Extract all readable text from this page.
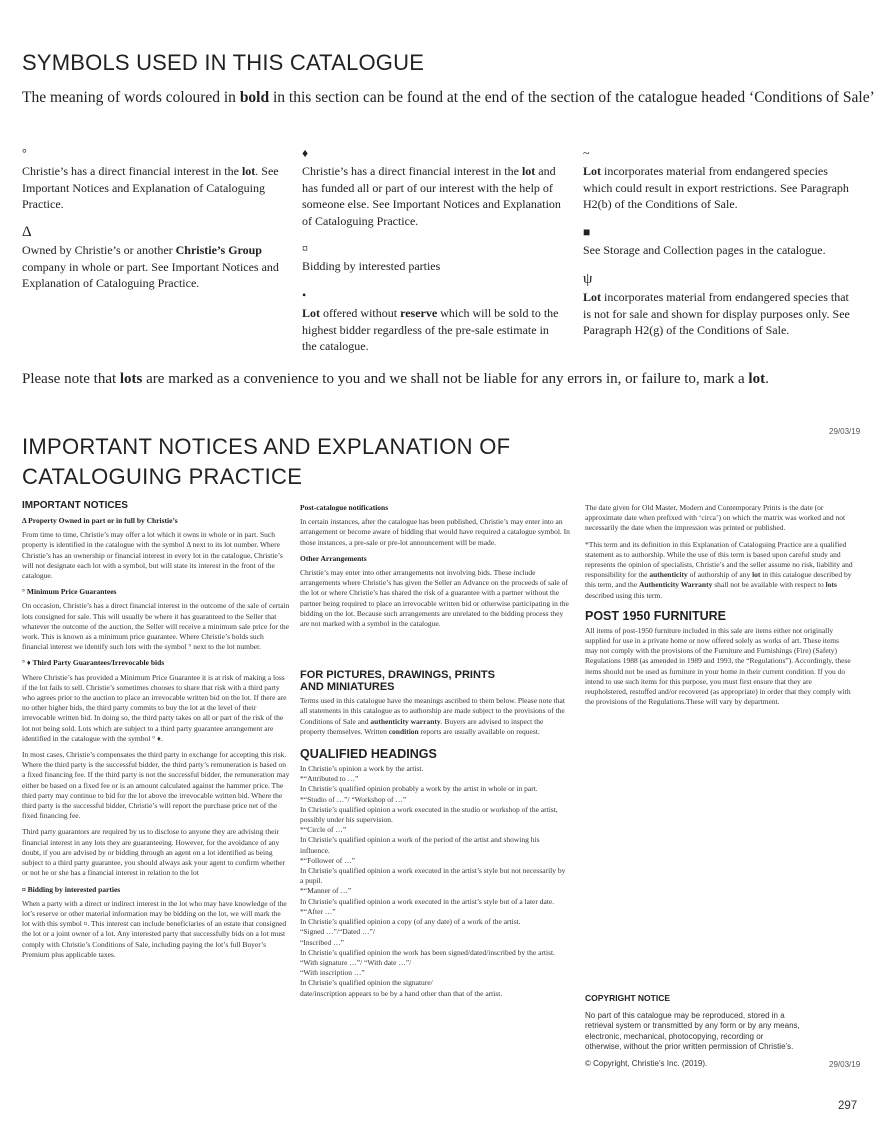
SYMBOLS USED IN THIS CATALOGUE
The meaning of words coloured in bold in this section can be found at the end of the section of the catalogue headed ‘Conditions of Sale’
°
Christie’s has a direct financial interest in the lot. See Important Notices and Explanation of Cataloguing Practice.
♦
Christie’s has a direct financial interest in the lot and has funded all or part of our interest with the help of someone else. See Important Notices and Explanation of Cataloguing Practice.
~
Lot incorporates material from endangered species which could result in export restrictions. See Paragraph H2(b) of the Conditions of Sale.
Δ
Owned by Christie’s or another Christie’s Group company in whole or part. See Important Notices and Explanation of Cataloguing Practice.
¤
Bidding by interested parties
■
See Storage and Collection pages in the catalogue.
•
Lot offered without reserve which will be sold to the highest bidder regardless of the pre-sale estimate in the catalogue.
ψ
Lot incorporates material from endangered species that is not for sale and shown for display purposes only. See Paragraph H2(g) of the Conditions of Sale.
Please note that lots are marked as a convenience to you and we shall not be liable for any errors in, or failure to, mark a lot.
29/03/19
IMPORTANT NOTICES AND EXPLANATION OF
CATALOGUING PRACTICE
IMPORTANT NOTICES
Δ Property Owned in part or in full by Christie’s

From time to time, Christie’s may offer a lot which it owns in whole or in part. Such property is identified in the catalogue with the symbol Δ next to its lot number. Where Christie’s has an ownership or financial interest in every lot in the catalogue, Christie’s will not designate each lot with a symbol, but will state its interest in the front of the catalogue.

° Minimum Price Guarantees

On occasion, Christie’s has a direct financial interest in the outcome of the sale of certain lots consigned for sale. This will usually be where it has guaranteed to the Seller that whatever the outcome of the auction, the Seller will receive a minimum sale price for the work. This is known as a minimum price guarantee. Where Christie’s holds such financial interest we identify such lots with the symbol ° next to the lot number.

° ♦ Third Party Guarantees/Irrevocable bids

Where Christie’s has provided a Minimum Price Guarantee it is at risk of making a loss if the lot fails to sell. Christie’s sometimes chooses to share that risk with a third party who agrees prior to the auction to place an irrevocable written bid on the lot. If there are no other higher bids, the third party commits to buy the lot at the level of their irrevocable written bid. In doing so, the third party takes on all or part of the risk of the lot not being sold. Lots which are subject to a third party guarantee arrangement are identified in the catalogue with the symbol ° ♦.

In most cases, Christie’s compensates the third party in exchange for accepting this risk. Where the third party is the successful bidder, the third party’s remuneration is based on a fixed financing fee. If the third party is not the successful bidder, the remuneration may either be based on a fixed fee or is an amount calculated against the hammer price. The third party may continue to bid for the lot above the irrevocable written bid. Where the third party is the successful bidder, Christie’s will report the purchase price net of the fixed financing fee.

Third party guarantors are required by us to disclose to anyone they are advising their financial interest in any lots they are guaranteeing. However, for the avoidance of any doubt, if you are advised by or bidding through an agent on a lot identified as being subject to a third party guarantee, you should always ask your agent to confirm whether or not he or she has a financial interest in relation to the lot

¤ Bidding by interested parties

When a party with a direct or indirect interest in the lot who may have knowledge of the lot’s reserve or other material information may be bidding on the lot, we will mark the lot with this symbol ¤. This interest can include beneficiaries of an estate that consigned the lot or a joint owner of a lot. Any interested party that successfully bids on a lot must comply with Christie’s Conditions of Sale, including paying the lot’s full Buyer’s Premium plus applicable taxes.

Post-catalogue notifications

In certain instances, after the catalogue has been published, Christie’s may enter into an arrangement or become aware of bidding that would have required a catalogue symbol. In those instances, a pre-sale or pre-lot announcement will be made.

Other Arrangements

Christie’s may enter into other arrangements not involving bids. These include arrangements where Christie’s has given the Seller an Advance on the proceeds of sale of the lot or where Christie’s has shared the risk of a guarantee with a partner without the partner being required to place an irrevocable written bid or otherwise participating in the bidding on the lot. Because such arrangements are unrelated to the bidding process they are not marked with a symbol in the catalogue.

FOR PICTURES, DRAWINGS, PRINTS
AND MINIATURES

Terms used in this catalogue have the meanings ascribed to them below. Please note that all statements in this catalogue as to authorship are made subject to the provisions of the Conditions of Sale and authenticity warranty. Buyers are advised to inspect the property themselves. Written condition reports are usually available on request.

QUALIFIED HEADINGS
In Christie’s opinion a work by the artist.
*“Attributed to …”
In Christie’s qualified opinion probably a work by the artist in whole or in part.
*“Studio of …”/ “Workshop of …”
In Christie’s qualified opinion a work executed in the studio or workshop of the artist, possibly under his supervision.
*“Circle of …”
In Christie’s qualified opinion a work of the period of the artist and showing his influence.
*“Follower of …”
In Christie’s qualified opinion a work executed in the artist’s style but not necessarily by a pupil.
*“Manner of …”
In Christie’s qualified opinion a work executed in the artist’s style but of a later date.
*“After …”
In Christie’s qualified opinion a copy (of any date) of a work of the artist.
“Signed …”/“Dated …”/
“Inscribed …”
In Christie’s qualified opinion the work has been signed/dated/inscribed by the artist.
“With signature …”/ “With date …”/
“With inscription …”
In Christie’s qualified opinion the signature/
date/inscription appears to be by a hand other than that of the artist.

The date given for Old Master, Modern and Contemporary Prints is the date (or approximate date when prefixed with ‘circa’) on which the matrix was worked and not necessarily the date when the impression was printed or published.

*This term and its definition in this Explanation of Cataloguing Practice are a qualified statement as to authorship. While the use of this term is based upon careful study and represents the opinion of specialists, Christie’s and the seller assume no risk, liability and responsibility for the authenticity of authorship of any lot in this catalogue described by this term, and the Authenticity Warranty shall not be available with respect to lots described using this term.

POST 1950 FURNITURE

All items of post-1950 furniture included in this sale are items either not originally supplied for use in a private home or now offered solely as works of art. These items may not comply with the provisions of the Furniture and Furnishings (Fire) (Safety) Regulations 1988 (as amended in 1989 and 1993, the “Regulations”). Accordingly, these items should not be used as furniture in your home in their current condition. If you do intend to use such items for this purpose, you must first ensure that they are reupholstered, restuffed and/or recovered (as appropriate) in order that they comply with the provisions of the Regulations.These will vary by department.

COPYRIGHT NOTICE
No part of this catalogue may be reproduced, stored in a retrieval system or transmitted by any form or by any means, electronic, mechanical, photocopying, recording or otherwise, without the prior written permission of Christie’s.
© Copyright, Christie’s Inc. (2019).	29/03/19
297
